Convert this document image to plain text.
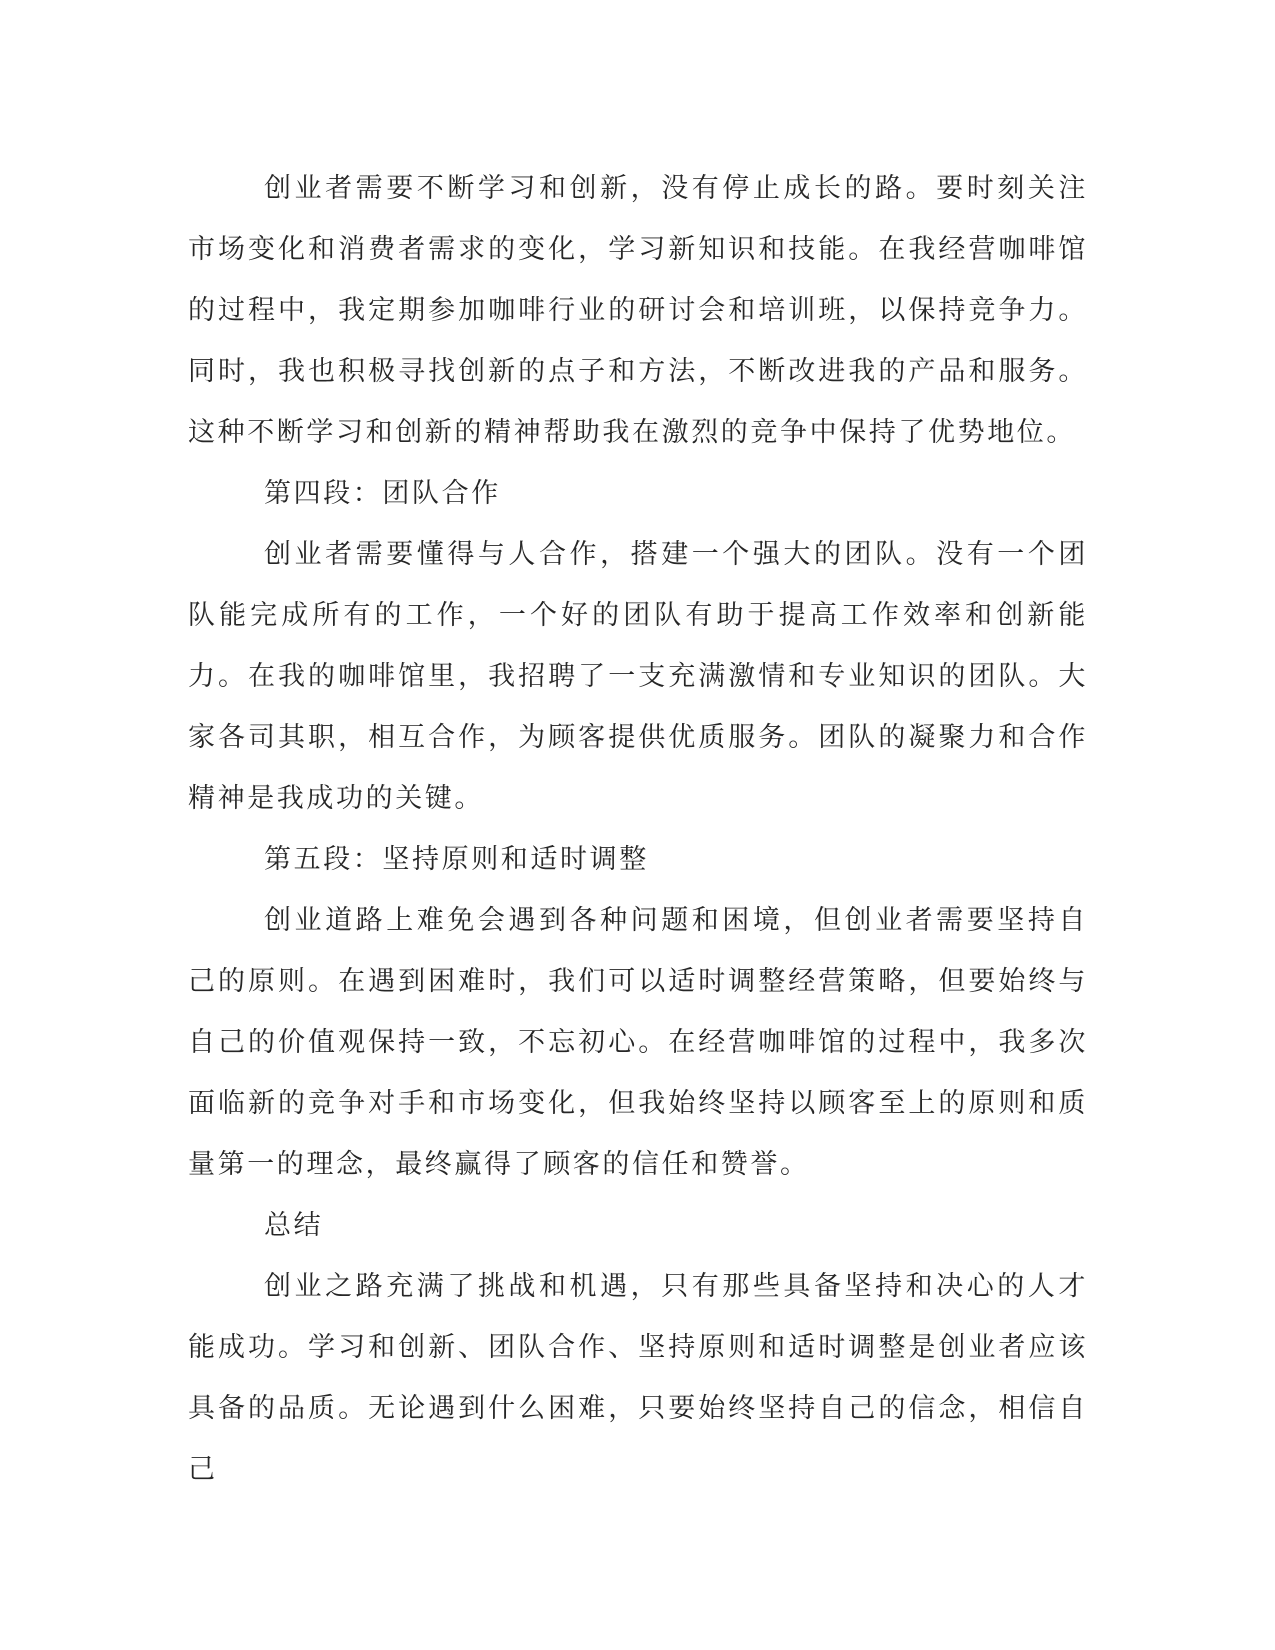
创业者需要不断学习和创新，没有停止成长的路。要时刻关注市场变化和消费者需求的变化，学习新知识和技能。在我经营咖啡馆的过程中，我定期参加咖啡行业的研讨会和培训班，以保持竞争力。同时，我也积极寻找创新的点子和方法，不断改进我的产品和服务。这种不断学习和创新的精神帮助我在激烈的竞争中保持了优势地位。

第四段：团队合作

创业者需要懂得与人合作，搭建一个强大的团队。没有一个团队能完成所有的工作，一个好的团队有助于提高工作效率和创新能力。在我的咖啡馆里，我招聘了一支充满激情和专业知识的团队。大家各司其职，相互合作，为顾客提供优质服务。团队的凝聚力和合作精神是我成功的关键。

第五段：坚持原则和适时调整

创业道路上难免会遇到各种问题和困境，但创业者需要坚持自己的原则。在遇到困难时，我们可以适时调整经营策略，但要始终与自己的价值观保持一致，不忘初心。在经营咖啡馆的过程中，我多次面临新的竞争对手和市场变化，但我始终坚持以顾客至上的原则和质量第一的理念，最终赢得了顾客的信任和赞誉。

总结

创业之路充满了挑战和机遇，只有那些具备坚持和决心的人才能成功。学习和创新、团队合作、坚持原则和适时调整是创业者应该具备的品质。无论遇到什么困难，只要始终坚持自己的信念，相信自己
